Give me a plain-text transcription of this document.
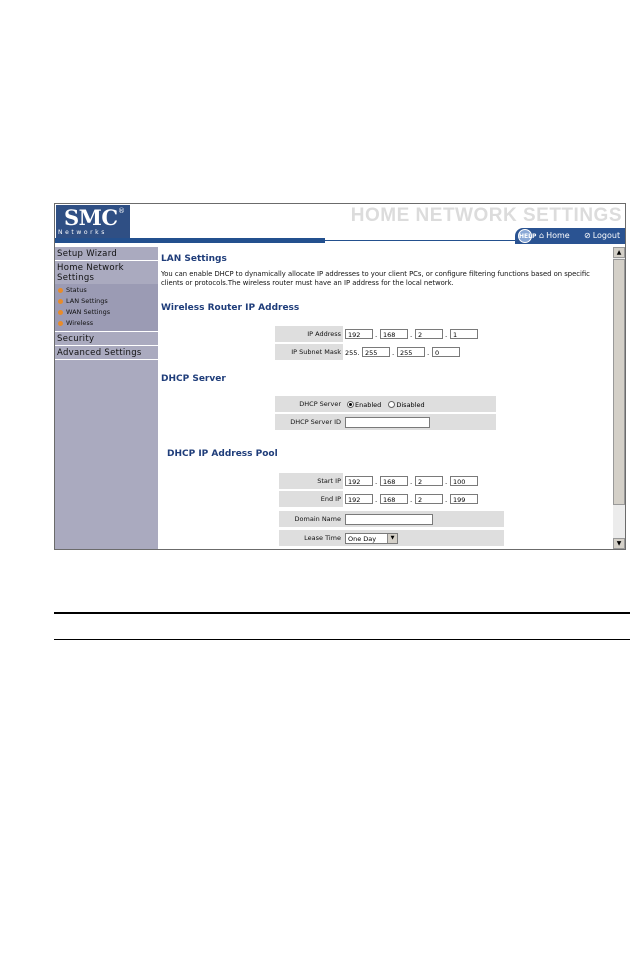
SMC ®
Networks
HOME NETWORK SETTINGS
HELP ⌂ Home ⊘ Logout
Setup Wizard
Home Network Settings
Status
LAN Settings
WAN Settings
Wireless
Security
Advanced Settings
LAN Settings
You can enable DHCP to dynamically allocate IP addresses to your client PCs, or configure filtering functions based on specific clients or protocols.The wireless router must have an IP address for the local network.
Wireless Router IP Address
IP Address	192	. 168	. 2	. 1
IP Subnet Mask 255. 255	. 255	. 0
DHCP Server
DHCP Server	Enabled Disabled
DHCP Server ID
DHCP IP Address Pool
Start IP	192	. 168	. 2	. 100
End IP	192	. 168	. 2	. 199
Domain Name
Lease Time	One Day	▼
▲
▼
